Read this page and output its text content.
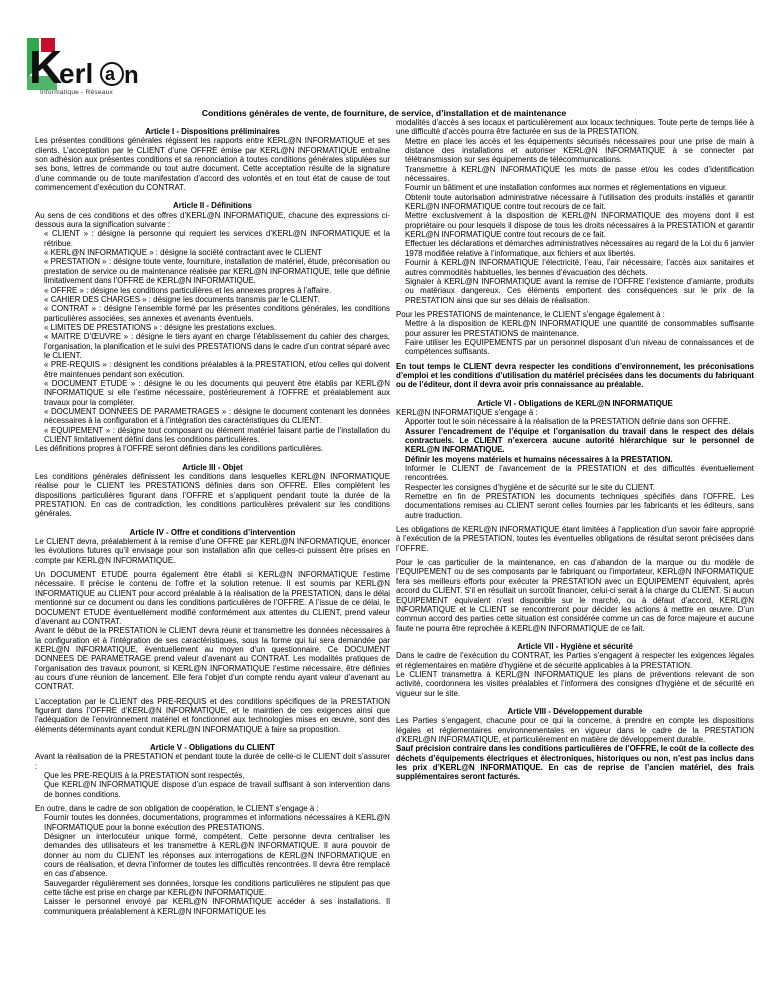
K
erl a n
Informatique - Réseaux
Conditions générales de vente, de fourniture, de service, d’installation et de maintenance
Article I - Dispositions préliminaires

Les présentes conditions générales régissent les rapports entre KERL@N INFORMATIQUE et ses clients. L’acceptation par le CLIENT d’une OFFRE émise par KERL@N INFORMATIQUE entraîne son adhésion aux présentes conditions et sa renonciation à toutes conditions générales stipulées sur ses bons, lettres de commande ou tout autre document. Cette acceptation résulte de la signature d’une commande ou de toute manifestation d’accord des volontés et en tout état de cause de tout commencement d’exécution du CONTRAT.

Article II - Définitions

Au sens de ces conditions et des offres d’KERL@N INFORMATIQUE, chacune des expressions ci- dessous aura la signification suivante :

« CLIENT » : désigne la personne qui requiert les services d’KERL@N INFORMATIQUE et la rétribue.

« KERL@N INFORMATIQUE » : désigne la société contractant avec le CLIENT

« PRESTATION » : désigne toute vente, fourniture, installation de matériel, étude, préconisation ou prestation de service ou de maintenance réalisée par KERL@N INFORMATIQUE, telle que définie limitativement dans l’OFFRE de KERL@N INFORMATIQUE.

« OFFRE » : désigne les conditions particulières et les annexes propres à l’affaire.

« CAHIER DES CHARGES » : désigne les documents transmis par le CLIENT.

« CONTRAT » : désigne l’ensemble formé par les présentes conditions générales, les conditions particulières associées, ses annexes et avenants éventuels.

« LIMITES DE PRESTATIONS » : désigne les prestations exclues.

« MAITRE D’ŒUVRE » : désigne le tiers ayant en charge l’établissement du cahier des charges, l’organisation, la planification et le suivi des PRESTATIONS dans le cadre d’un contrat séparé avec le CLIENT.

« PRE-REQUIS » : désignent les conditions préalables à la PRESTATION, et/ou celles qui doivent être maintenues pendant son exécution.

« DOCUMENT ETUDE » : désigne le ou les documents qui peuvent être établis par KERL@N INFORMATIQUE si elle l’estime nécessaire, postérieurement à l’OFFRE et préalablement aux travaux pour la compléter.

« DOCUMENT DONNEES DE PARAMETRAGES » : désigne le document contenant les données nécessaires à la configuration et à l’intégration des caractéristiques du CLIENT.

« EQUIPEMENT » : désigne tout composant ou élément matériel faisant partie de l’installation du CLIENT limitativement défini dans les conditions particulières.

Les définitions propres à l’OFFRE seront définies dans les conditions particulières.

Article III - Objet

Les conditions générales définissent les conditions dans lesquelles KERL@N INFORMATIQUE réalise pour le CLIENT les PRESTATIONS définies dans son OFFRE. Elles complètent les dispositions particulières figurant dans l’OFFRE et s’appliquent pendant toute la durée de la PRESTATION. En cas de contradiction, les conditions particulières prévalent sur les conditions générales.

Article IV - Offre et conditions d’intervention

Le CLIENT devra, préalablement à la remise d’une OFFRE par KERL@N INFORMATIQUE, énoncer les évolutions futures qu’il envisage pour son installation afin que celles-ci puissent être prises en compte par KERL@N INFORMATIQUE.

Un DOCUMENT ETUDE pourra également être établi si KERL@N INFORMATIQUE l’estime nécessaire. Il précise le contenu de l’offre et la solution retenue. Il est soumis par KERL@N INFORMATIQUE au CLIENT pour accord préalable à la réalisation de la PRESTATION, dans le délai mentionné sur ce document ou dans les conditions particulières de l’OFFRE. A l’issue de ce délai, le DOCUMENT ETUDE éventuellement modifié conformément aux attentes du CLIENT, prend valeur d’avenant au CONTRAT.

Avant le début de la PRESTATION le CLIENT devra réunir et transmettre les données nécessaires à la configuration et à l’intégration de ses caractéristiques, sous la forme qui lui sera demandée par KERL@N INFORMATIQUE, éventuellement au moyen d’un questionnaire. Ce DOCUMENT DONNEES DE PARAMETRAGE prend valeur d’avenant au CONTRAT. Les modalités pratiques de l’organisation des travaux pourront, si KERL@N INFORMATIQUE l’estime nécessaire, être définies au cours d’une réunion de lancement. Elle fera l’objet d’un compte rendu ayant valeur d’avenant au CONTRAT.

L’acceptation par le CLIENT des PRE-REQUIS et des conditions spécifiques de la PRESTATION figurant dans l’OFFRE d’KERL@N INFORMATIQUE, et le maintien de ces exigences ainsi que l’adéquation de l’environnement matériel et fonctionnel aux technologies mises en œuvre, sont des éléments déterminants ayant conduit KERL@N INFORMATIQUE à faire sa proposition.

Article V - Obligations du CLIENT

Avant la réalisation de la PRESTATION et pendant toute la durée de celle-ci le CLIENT doit s’assurer :

Que les PRE-REQUIS à la PRESTATION sont respectés,

Que KERL@N INFORMATIQUE dispose d’un espace de travail suffisant à son intervention dans de bonnes conditions.

En outre, dans le cadre de son obligation de coopération, le CLIENT s’engage à :

Fournir toutes les données, documentations, programmes et informations nécessaires à KERL@N INFORMATIQUE pour la bonne exécution des PRESTATIONS.

Désigner un interlocuteur unique formé, compétent. Cette personne devra centraliser les demandes des utilisateurs et les transmettre à KERL@N INFORMATIQUE. Il aura pouvoir de donner au nom du CLIENT les réponses aux interrogations de KERL@N INFORMATIQUE en cours de réalisation, et devra l’informer de toutes les difficultés rencontrées. Il devra être remplacé en cas d’absence.

Sauvegarder régulièrement ses données, lorsque les conditions particulières ne stipulent pas que cette tâche est prise en charge par KERL@N INFORMATIQUE.

Laisser le personnel envoyé par KERL@N INFORMATIQUE accéder à ses installations. Il communiquera préalablement à KERL@N INFORMATIQUE les

modalités d’accès à ses locaux et particulièrement aux locaux techniques. Toute perte de temps liée à une difficulté d’accès pourra être facturée en sus de la PRESTATION.

Mettre en place les accès et les équipements sécurisés nécessaires pour une prise de main à distance des installations et autoriser KERL@N INFORMATIQUE à se connecter par télétransmission sur ses équipements de télécommunications.

Transmettre à KERL@N INFORMATIQUE les mots de passe et/ou les codes d’identification nécessaires.

Fournir un bâtiment et une installation conformes aux normes et réglementations en vigueur.

Obtenir toute autorisation administrative nécessaire à l’utilisation des produits installés et garantir KERL@N INFORMATIQUE contre tout recours de ce fait.

Mettre exclusivement à la disposition de KERL@N INFORMATIQUE des moyens dont il est propriétaire ou pour lesquels il dispose de tous les droits nécessaires à la PRESTATION et garantir KERL@N INFORMATIQUE contre tout recours de ce fait.

Effectuer les déclarations et démarches administratives nécessaires au regard de la Loi du 6 janvier 1978 modifiée relative à l’informatique, aux fichiers et aux libertés.

Fournir à KERL@N INFORMATIQUE l’électricité, l’eau, l’air nécessaire, l’accès aux sanitaires et autres commodités habituelles, les bennes d’évacuation des déchets.

Signaler à KERL@N INFORMATIQUE avant la remise de l’OFFRE l’existence d’amiante, produits ou matériaux dangereux. Ces éléments emportent des conséquences sur le prix de la PRESTATION ainsi que sur ses délais de réalisation.

Pour les PRESTATIONS de maintenance, le CLIENT s’engage également à :

Mettre à la disposition de KERL@N INFORMATIQUE une quantité de consommables suffisante pour assurer les PRESTATIONS de maintenance.

Faire utiliser les EQUIPEMENTS par un personnel disposant d’un niveau de connaissances et de compétences suffisants.

En tout temps le CLIENT devra respecter les conditions d’environnement, les préconisations d’emploi et les conditions d’utilisation du matériel précisées dans les documents du fabriquant ou de l’éditeur, dont il devra avoir pris connaissance au préalable.

Article VI - Obligations de KERL@N INFORMATIQUE

KERL@N INFORMATIQUE s’engage à :

Apporter tout le soin nécessaire à la réalisation de la PRESTATION définie dans son OFFRE.

Assurer l’encadrement de l’équipe et l’organisation du travail dans le respect des délais contractuels. Le CLIENT n’exercera aucune autorité hiérarchique sur le personnel de KERL@N INFORMATIQUE.

Définir les moyens matériels et humains nécessaires à la PRESTATION.

Informer le CLIENT de l’avancement de la PRESTATION et des difficultés éventuellement rencontrées.

Respecter les consignes d’hygiène et de sécurité sur le site du CLIENT.

Remettre en fin de PRESTATION les documents techniques spécifiés dans l’OFFRE. Les documentations remises au CLIENT seront celles fournies par les fabricants et les éditeurs, sans autre traduction.

Les obligations de KERL@N INFORMATIQUE étant limitées à l’application d’un savoir faire approprié à l’exécution de la PRESTATION, toutes les éventuelles obligations de résultat seront précisées dans l’OFFRE.

Pour le cas particulier de la maintenance, en cas d’abandon de la marque ou du modèle de l’EQUIPEMENT ou de ses composants par le fabriquant ou l’importateur, KERL@N INFORMATIQUE fera ses meilleurs efforts pour exécuter la PRESTATION avec un EQUIPEMENT équivalent, après accord du CLIENT. S’il en résultait un surcoût financier, celui-ci serait à la charge du CLIENT. Si aucun EQUIPEMENT équivalent n’est disponible sur le marché, ou à défaut d’accord, KERL@N INFORMATIQUE et le CLIENT se rencontreront pour décider les actions à mettre en œuvre. D’un commun accord des parties cette situation est considérée comme un cas de force majeure et aucune faute ne pourra être reprochée à KERL@N INFORMATIQUE de ce fait.

Article VII - Hygiène et sécurité

Dans le cadre de l’exécution du CONTRAT, les Parties s’engagent à respecter les exigences légales et réglementaires en matière d’hygiène et de sécurité applicables à la PRESTATION.

Le CLIENT transmettra à KERL@N INFORMATIQUE les plans de préventions relevant de son activité, coordonnera les visites préalables et l’informera des consignes d’hygiène et de sécurité en vigueur sur le site.

Article VIII - Développement durable

Les Parties s’engagent, chacune pour ce qui la concerne, à prendre en compte les dispositions légales et réglementaires environnementales en vigueur dans le cadre de la PRESTATION d’KERL@N INFORMATIQUE, et particulièrement en matière de développement durable.

Sauf précision contraire dans les conditions particulières de l’OFFRE, le coût de la collecte des déchets d’équipements électriques et électroniques, historiques ou non, n’est pas inclus dans les prix d’KERL@N INFORMATIQUE. En cas de reprise de l’ancien matériel, des frais supplémentaires seront facturés.
